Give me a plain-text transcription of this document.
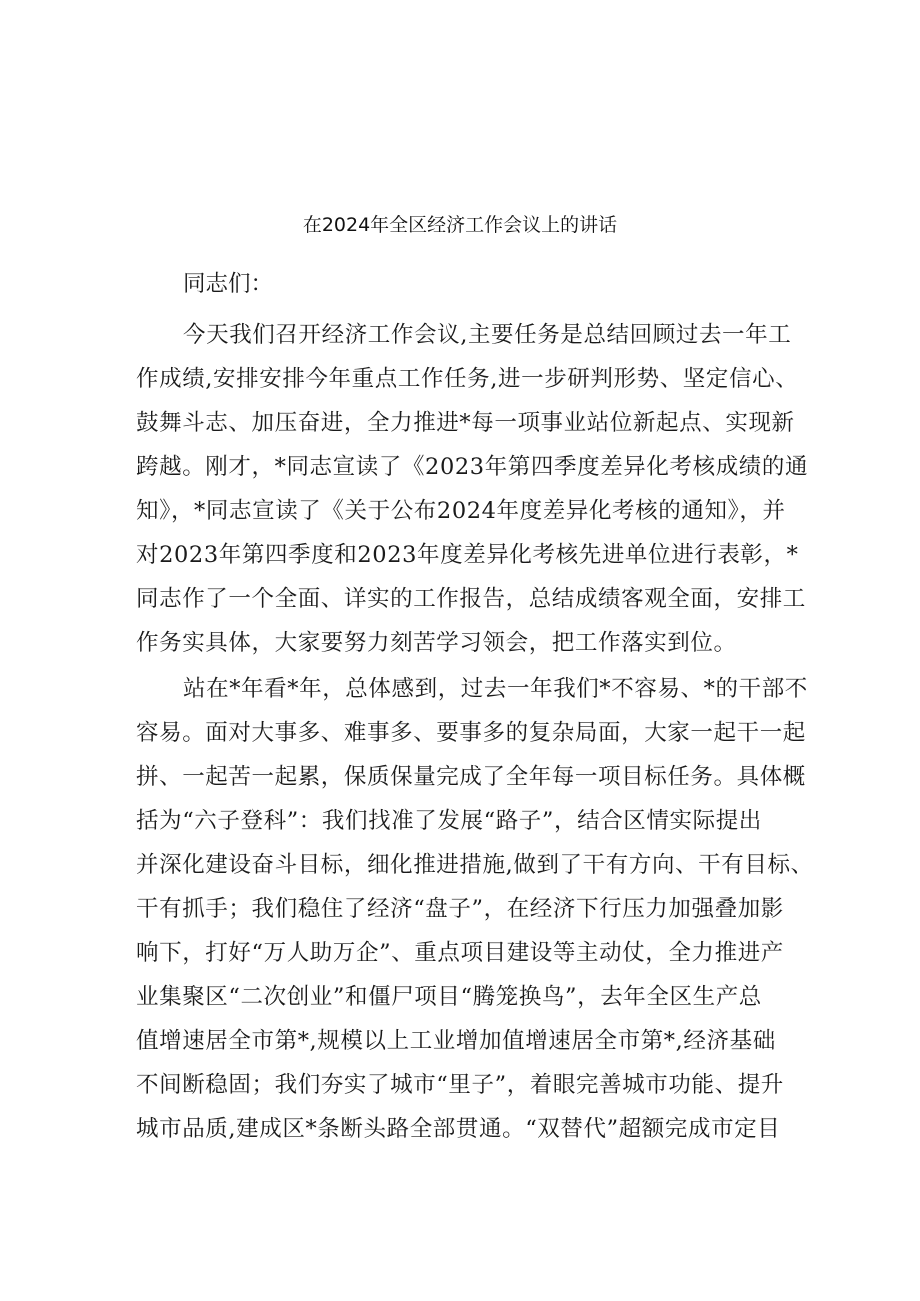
在2024年全区经济工作会议上的讲话
同志们：
今天我们召开经济工作会议,主要任务是总结回顾过去一年工
作成绩,安排安排今年重点工作任务,进一步研判形势、坚定信心、
鼓舞斗志、加压奋进，全力推进*每一项事业站位新起点、实现新
跨越。刚才，*同志宣读了《2023年第四季度差异化考核成绩的通
知》，*同志宣读了《关于公布2024年度差异化考核的通知》，并
对2023年第四季度和2023年度差异化考核先进单位进行表彰，*
同志作了一个全面、详实的工作报告，总结成绩客观全面，安排工
作务实具体，大家要努力刻苦学习领会，把工作落实到位。
站在*年看*年，总体感到，过去一年我们*不容易、*的干部不
容易。面对大事多、难事多、要事多的复杂局面，大家一起干一起
拼、一起苦一起累，保质保量完成了全年每一项目标任务。具体概
括为“六子登科”：我们找准了发展“路子”，结合区情实际提出
并深化建设奋斗目标，细化推进措施,做到了干有方向、干有目标、
干有抓手；我们稳住了经济“盘子”，在经济下行压力加强叠加影
响下，打好“万人助万企”、重点项目建设等主动仗，全力推进产
业集聚区“二次创业”和僵尸项目“腾笼换鸟”，去年全区生产总
值增速居全市第*,规模以上工业增加值增速居全市第*,经济基础
不间断稳固；我们夯实了城市“里子”，着眼完善城市功能、提升
城市品质,建成区*条断头路全部贯通。“双替代”超额完成市定目
